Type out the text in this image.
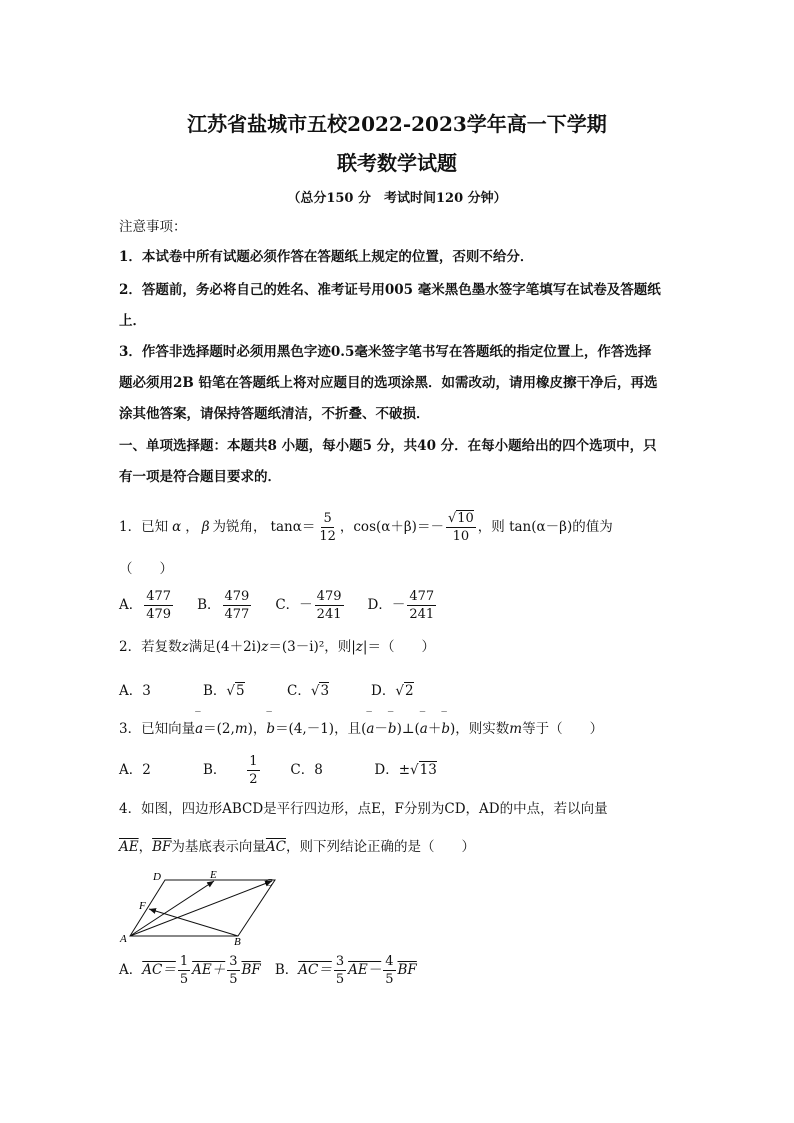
江苏省盐城市五校2022-2023学年高一下学期
联考数学试题
（总分150 分　考试时间120 分钟）
注意事项：
1．本试卷中所有试题必须作答在答题纸上规定的位置，否则不给分．
2．答题前，务必将自己的姓名、准考证号用005 毫米黑色墨水签字笔填写在试卷及答题纸
上．
3．作答非选择题时必须用黑色字迹0.5毫米签字笔书写在答题纸的指定位置上，作答选择
题必须用2B 铅笔在答题纸上将对应题目的选项涂黑．如需改动，请用橡皮擦干净后，再选
涂其他答案，请保持答题纸清洁，不折叠、不破损．
一、单项选择题：本题共8 小题，每小题5 分，共40 分．在每小题给出的四个选项中，只
有一项是符合题目要求的．
1．已知 α ， β 为锐角， $\tan\alpha= \frac{5}{12}$ ，$\cos(\alpha+\beta)=- \frac{√10}{10}$ ，则 tan(α－β)的值为
（　　）
A． $\frac{477}{479}$ B． $\frac{479}{477}$ C．－ $\frac{479}{241}$ D．－ $\frac{477}{241}$
2．若复数z满足(4＋2i)z＝(3－i)²，则|z|＝（　　）
A．3	B．√5	C．√3	D．√2
3．已知向量‾ a＝(2,m)，‾ b＝(4,－1)，且(‾ a－‾ b)⊥(‾ a＋‾ b)，则实数m等于（　　）
A．2	B． $\frac{1}{2}$ C．8	D．±√13
4．如图，四边形ABCD是平行四边形，点E，F分别为CD，AD的中点，若以向量
$\overline{AE}$，$\overline{BF}$为基底表示向量$\overline{AC}$，则下列结论正确的是（　　）
D	E
C
F
A	B
A． $AC= \frac{1}{5} AE+ \frac{3}{5} \overline{BF}$ B． $AC= \frac{3}{5} AE- \frac{4}{5} \overline{BF}$
